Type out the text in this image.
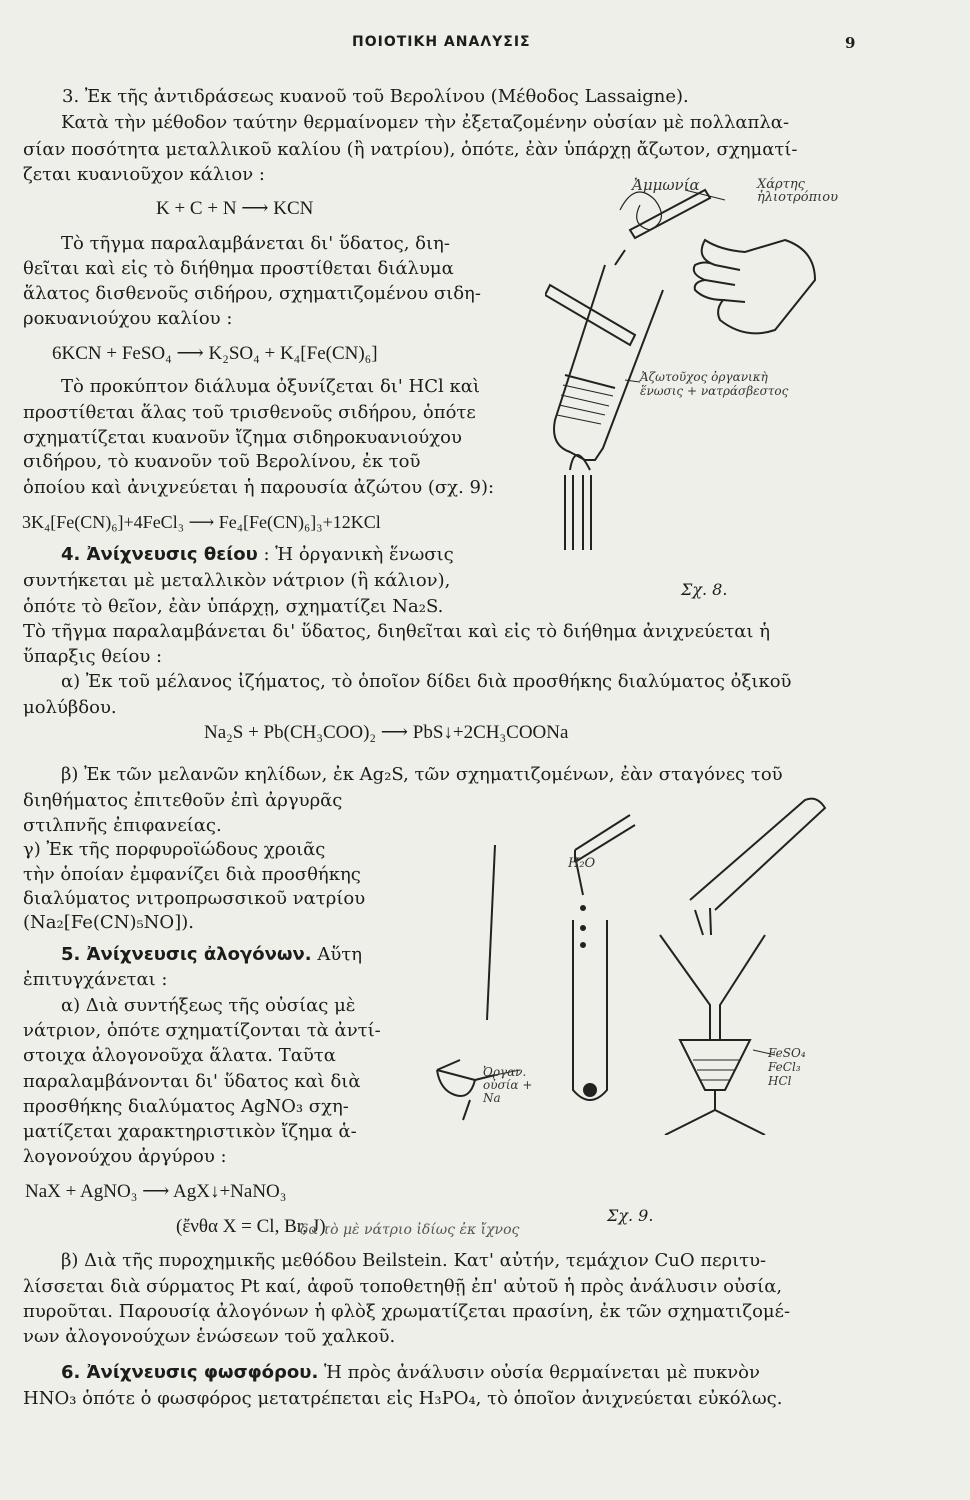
ΠΟΙΟΤΙΚΗ ΑΝΑΛΥΣΙΣ	9
3. Ἐκ τῆς ἀντιδράσεως κυανοῦ τοῦ Βερολίνου (Μέθοδος Lassaigne).
Κατὰ τὴν μέθοδον ταύτην θερμαίνομεν τὴν ἐξεταζομένην οὐσίαν μὲ πολλαπλα-
σίαν ποσότητα μεταλλικοῦ καλίου (ἢ νατρίου), ὁπότε, ἐὰν ὑπάρχῃ ἄζωτον, σχηματί-
ζεται κυανιοῦχον κάλιον :
K + C + N ⟶ KCN
Τὸ τῆγμα παραλαμβάνεται δι' ὕδατος, διη-
θεῖται καὶ εἰς τὸ διήθημα προστίθεται διάλυμα
ἅλατος δισθενοῦς σιδήρου, σχηματιζομένου σιδη-
ροκυανιούχου καλίου :
6KCN + FeSO₄ ⟶ K₂SO₄ + K₄[Fe(CN)₆]
Τὸ προκύπτον διάλυμα ὀξυνίζεται δι' HCl καὶ
προστίθεται ἅλας τοῦ τρισθενοῦς σιδήρου, ὁπότε
σχηματίζεται κυανοῦν ἴζημα σιδηροκυανιούχου
σιδήρου, τὸ κυανοῦν τοῦ Βερολίνου, ἐκ τοῦ
ὁποίου καὶ ἀνιχνεύεται ἡ παρουσία ἀζώτου (σχ. 9):
3K₄[Fe(CN)₆]+4FeCl₃ ⟶ Fe₄[Fe(CN)₆]₃+12KCl
Ἀμμωνία	Χάρτης ἡλιοτρόπιου
Ἀζωτοῦχος ὀργανικὴ ἕνωσις + νατράσβεστος
Σχ. 8.
4. Ἀνίχνευσις θείου : Ἡ ὀργανικὴ ἕνωσις
συντήκεται μὲ μεταλλικὸν νάτριον (ἢ κάλιον),
ὁπότε τὸ θεῖον, ἐὰν ὑπάρχῃ, σχηματίζει Na₂S.
Τὸ τῆγμα παραλαμβάνεται δι' ὕδατος, διηθεῖται καὶ εἰς τὸ διήθημα ἀνιχνεύεται ἡ
ὕπαρξις θείου :
α) Ἐκ τοῦ μέλανος ἰζήματος, τὸ ὁποῖον δίδει διὰ προσθήκης διαλύματος ὀξικοῦ
μολύβδου.
Na₂S + Pb(CH₃COO)₂ ⟶ PbS↓+2CH₃COONa
β) Ἐκ τῶν μελανῶν κηλίδων, ἐκ Ag₂S, τῶν σχηματιζομένων, ἐὰν σταγόνες τοῦ
διηθήματος ἐπιτεθοῦν ἐπὶ ἀργυρᾶς
στιλπνῆς ἐπιφανείας.
γ) Ἐκ τῆς πορφυροϊώδους χροιᾶς
τὴν ὁποίαν ἐμφανίζει διὰ προσθήκης
διαλύματος νιτροπρωσσικοῦ νατρίου
(Na₂[Fe(CN)₅NO]).
5. Ἀνίχνευσις ἀλογόνων. Αὕτη
ἐπιτυγχάνεται :
α) Διὰ συντήξεως τῆς οὐσίας μὲ
νάτριον, ὁπότε σχηματίζονται τὰ ἀντί-
στοιχα ἀλογονοῦχα ἅλατα. Ταῦτα
παραλαμβάνονται δι' ὕδατος καὶ διὰ
προσθήκης διαλύματος AgNO₃ σχη-
ματίζεται χαρακτηριστικὸν ἴζημα ἁ-
λογονούχου ἀργύρου :
NaX + AgNO₃ ⟶ AgX↓+NaNO₃
(ἔνθα X = Cl, Br, J)
δα τὸ μὲ νάτριο ἰδίως ἐκ ἴχνος
H₂O
Ὀργαν. οὐσία + Na
FeSO₄
FeCl₃
HCl
Σχ. 9.
β) Διὰ τῆς πυροχημικῆς μεθόδου Beilstein. Κατ' αὐτήν, τεμάχιον CuO περιτυ-
λίσσεται διὰ σύρματος Pt καί, ἀφοῦ τοποθετηθῇ ἐπ' αὐτοῦ ἡ πρὸς ἀνάλυσιν οὐσία,
πυροῦται. Παρουσίᾳ ἀλογόνων ἡ φλὸξ χρωματίζεται πρασίνη, ἐκ τῶν σχηματιζομέ-
νων ἀλογονούχων ἑνώσεων τοῦ χαλκοῦ.
6. Ἀνίχνευσις φωσφόρου. Ἡ πρὸς ἀνάλυσιν οὐσία θερμαίνεται μὲ πυκνὸν
HNO₃ ὁπότε ὁ φωσφόρος μετατρέπεται εἰς H₃PO₄, τὸ ὁποῖον ἀνιχνεύεται εὐκόλως.
